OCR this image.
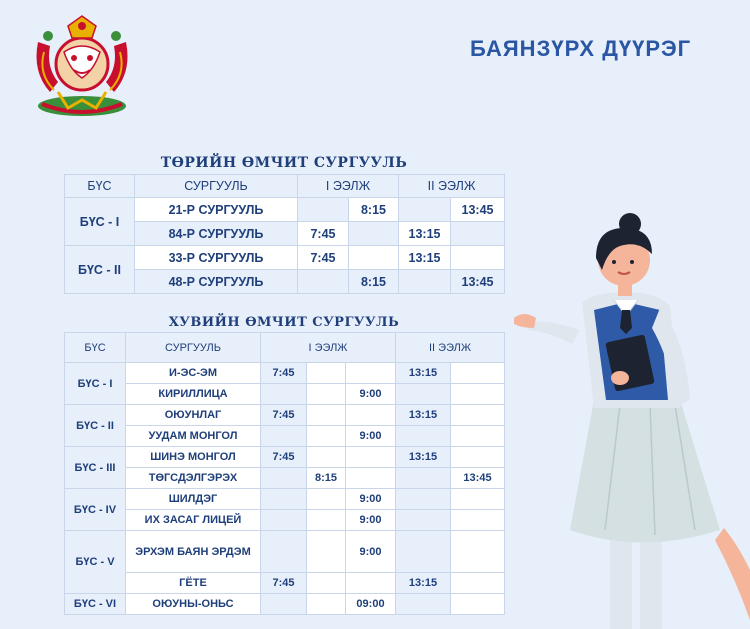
БАЯНЗҮРХ ДҮҮРЭГ
ТӨРИЙН ӨМЧИТ СУРГУУЛЬ
БҮС	СУРГУУЛЬ	I ЭЭЛЖ		II ЭЭЛЖ	
БҮС - I	21-Р СУРГУУЛЬ		8:15		13:45
	84-Р СУРГУУЛЬ	7:45		13:15	
БҮС - II	33-Р СУРГУУЛЬ	7:45		13:15	
	48-Р СУРГУУЛЬ		8:15		13:45
ХУВИЙН ӨМЧИТ СУРГУУЛЬ
БҮС	СУРГУУЛЬ	I ЭЭЛЖ			II ЭЭЛЖ	
БҮС - I	И-ЭС-ЭМ	7:45			13:15	
	КИРИЛЛИЦА			9:00		
БҮС - II	ОЮУНЛАГ	7:45			13:15	
	УУДАМ МОНГОЛ			9:00		
БҮС - III	ШИНЭ МОНГОЛ	7:45			13:15	
	ТӨГСДЭЛГЭРЭХ		8:15			13:45
БҮС - IV	ШИЛДЭГ			9:00		
	ИХ ЗАСАГ ЛИЦЕЙ			9:00		
БҮС - V	ЭРХЭМ БАЯН ЭРДЭМ			9:00		
	ГЁТЕ	7:45			13:15	
БҮС - VI	ОЮУНЫ-ОНЬС			09:00		
